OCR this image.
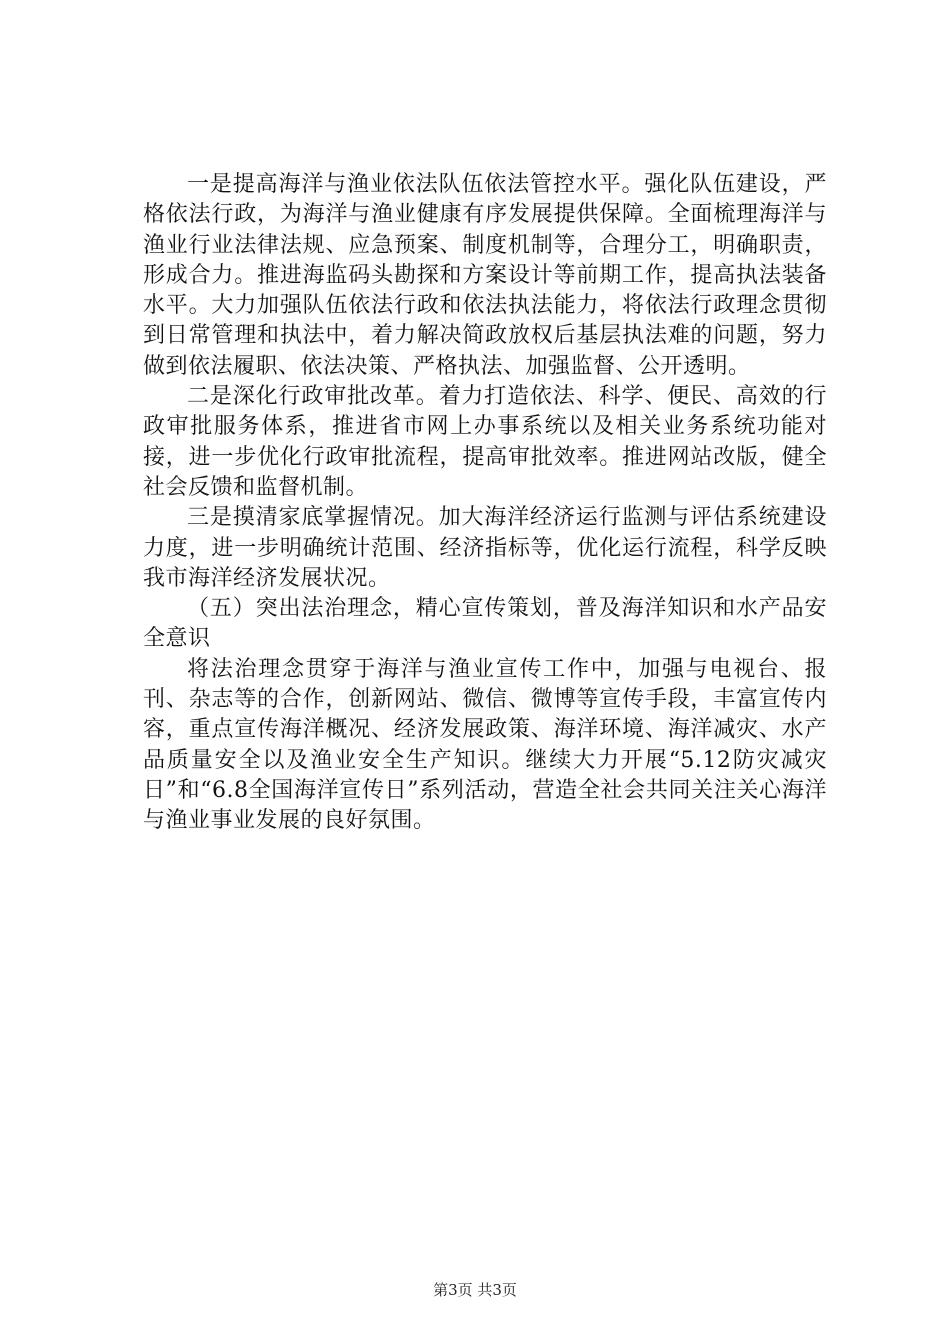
一是提高海洋与渔业依法队伍依法管控水平。强化队伍建设，严格依法行政，为海洋与渔业健康有序发展提供保障。全面梳理海洋与渔业行业法律法规、应急预案、制度机制等，合理分工，明确职责，形成合力。推进海监码头勘探和方案设计等前期工作，提高执法装备水平。大力加强队伍依法行政和依法执法能力，将依法行政理念贯彻到日常管理和执法中，着力解决简政放权后基层执法难的问题，努力做到依法履职、依法决策、严格执法、加强监督、公开透明。

二是深化行政审批改革。着力打造依法、科学、便民、高效的行政审批服务体系，推进省市网上办事系统以及相关业务系统功能对接，进一步优化行政审批流程，提高审批效率。推进网站改版，健全社会反馈和监督机制。

三是摸清家底掌握情况。加大海洋经济运行监测与评估系统建设力度，进一步明确统计范围、经济指标等，优化运行流程，科学反映我市海洋经济发展状况。

（五）突出法治理念，精心宣传策划，普及海洋知识和水产品安全意识

将法治理念贯穿于海洋与渔业宣传工作中，加强与电视台、报刊、杂志等的合作，创新网站、微信、微博等宣传手段，丰富宣传内容，重点宣传海洋概况、经济发展政策、海洋环境、海洋减灾、水产品质量安全以及渔业安全生产知识。继续大力开展“5.12防灾减灾日”和“6.8全国海洋宣传日”系列活动，营造全社会共同关注关心海洋与渔业事业发展的良好氛围。

第3页 共3页
